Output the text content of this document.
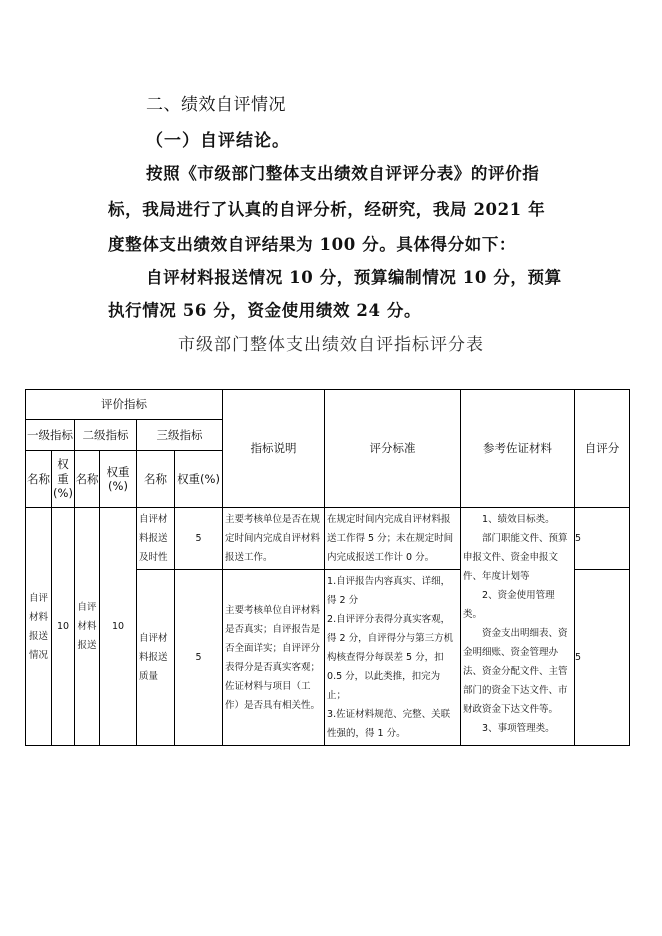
二、绩效自评情况
（一）自评结论。
按照《市级部门整体支出绩效自评评分表》的评价指
标，我局进行了认真的自评分析，经研究，我局 2021 年
度整体支出绩效自评结果为 100 分。具体得分如下：
自评材料报送情况 10 分，预算编制情况 10 分，预算
执行情况 56 分，资金使用绩效 24 分。
市级部门整体支出绩效自评指标评分表
评价指标						指标说明	评分标准	参考佐证材料	自评分
一级指标		二级指标		三级指标					
名称	权重(%)	名称	权重(%)	名称	权重(%)				
自评材料报送情况	10	自评材料报送	10	自评材料报送及时性	5	主要考核单位是否在规定时间内完成自评材料报送工作。	在规定时间内完成自评材料报送工作得 5 分；未在规定时间内完成报送工作计 0 分。	1、绩效目标类。
部门职能文件、预算申报文件、资金申报文件、年度计划等
2、资金使用管理类。
资金支出明细表、资金明细账、资金管理办法、资金分配文件、主管部门的资金下达文件、市财政资金下达文件等。
3、事项管理类。	5
				自评材料报送质量	5	主要考核单位自评材料是否真实；自评报告是否全面详实；自评评分表得分是否真实客观；佐证材料与项目（工作）是否具有相关性。	1.自评报告内容真实、详细，得 2 分
2.自评评分表得分真实客观，得 2 分，自评得分与第三方机构核查得分每误差 5 分，扣 0.5 分，以此类推，扣完为止；
3.佐证材料规范、完整、关联性强的，得 1 分。		5
